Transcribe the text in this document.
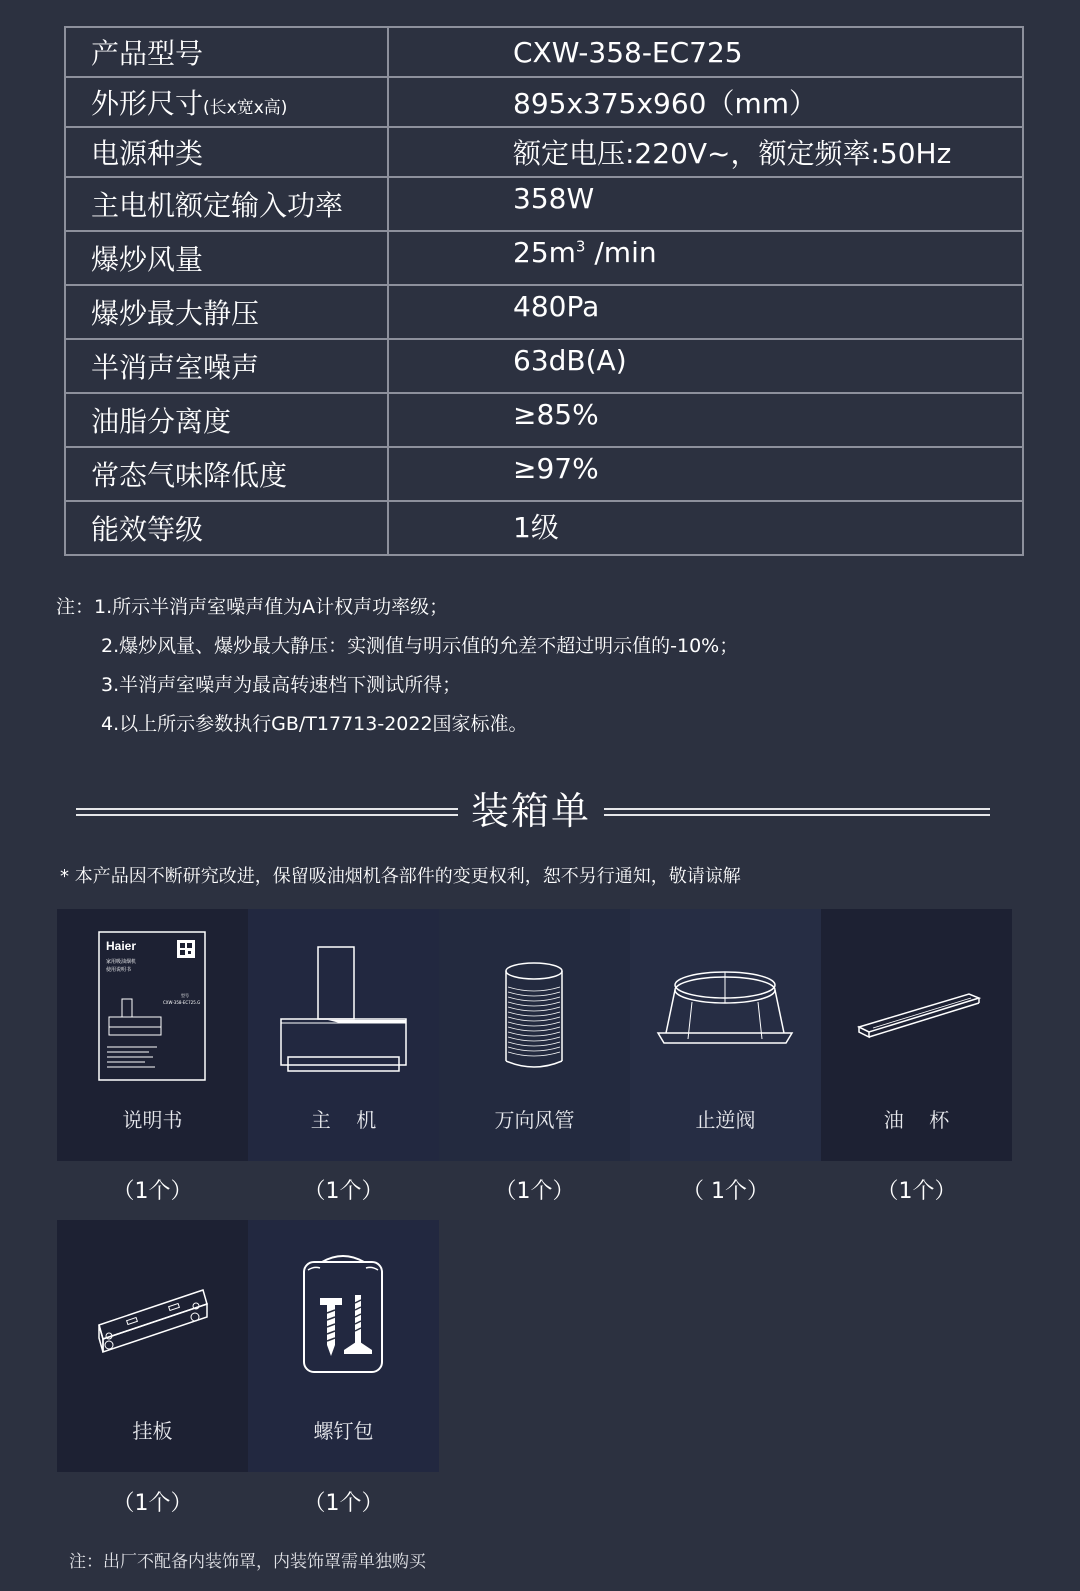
产品型号	CXW-358-EC725
外形尺寸(长x宽x高)	895x375x960（mm）
电源种类	额定电压:220V~，额定频率:50Hz
主电机额定输入功率	358W
爆炒风量	$25m^3$ /min
爆炒最大静压	480Pa
半消声室噪声	63dB(A)
油脂分离度	≥85%
常态气味降低度	≥97%
能效等级	1级
注：1.所示半消声室噪声值为A计权声功率级；
2.爆炒风量、爆炒最大静压：实测值与明示值的允差不超过明示值的-10%；
3.半消声室噪声为最高转速档下测试所得；
4.以上所示参数执行GB/T17713-2022国家标准。
装箱单
* 本产品因不断研究改进，保留吸油烟机各部件的变更权利，恕不另行通知，敬请谅解
Haier
家用吸油烟机
使用说明书
型号
CXW-358-EC725.G
说明书
（1个）
主    机
（1个）
万向风管
（1个）
止逆阀
（ 1个）
油    杯
（1个）
挂板
（1个）
螺钉包
（1个）
注：出厂不配备内装饰罩，内装饰罩需单独购买
